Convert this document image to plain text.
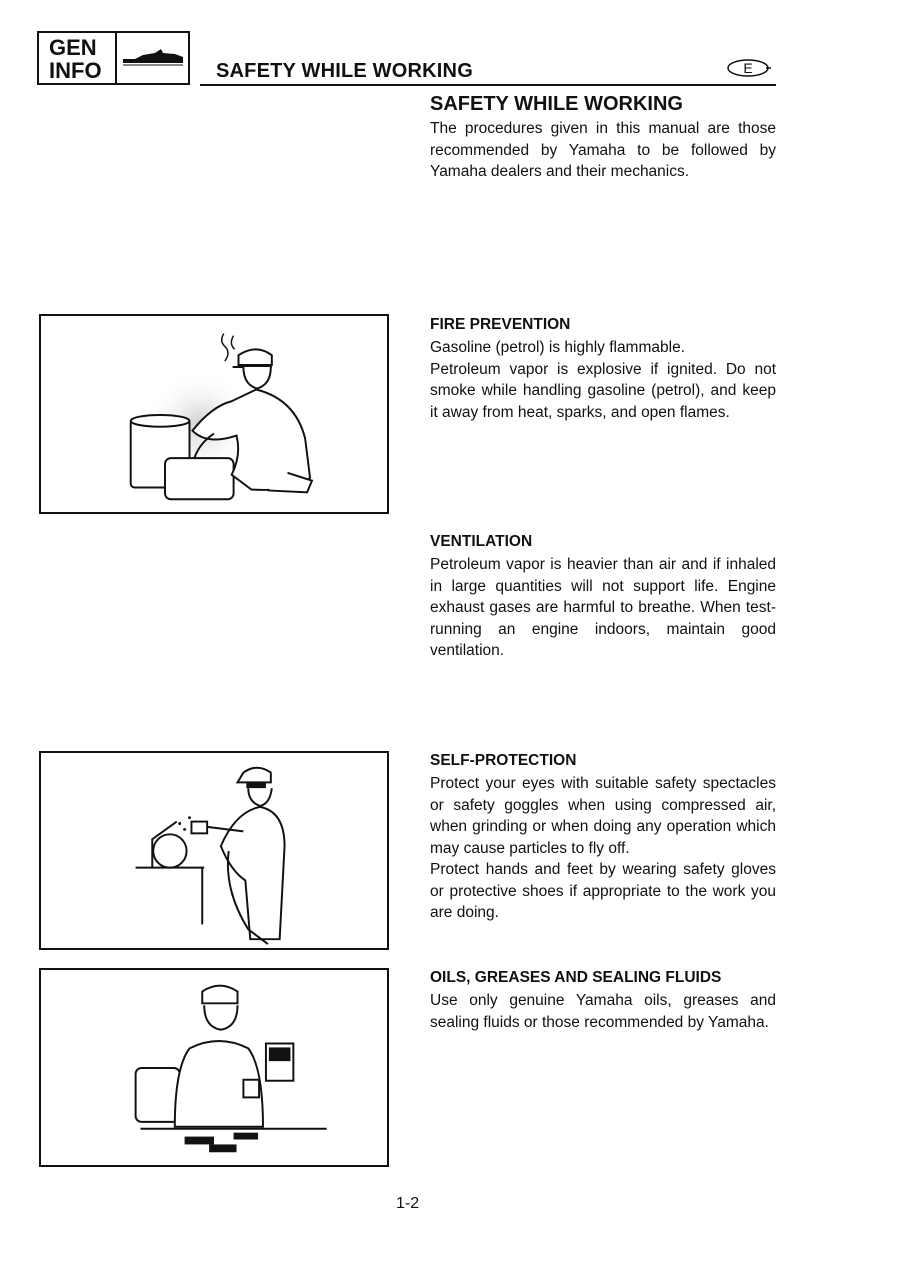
GEN
INFO	SAFETY WHILE WORKING	E
SAFETY WHILE WORKING

The procedures given in this manual are those recommended by Yamaha to be followed by Yamaha dealers and their mechanics.

FIRE PREVENTION

Gasoline (petrol) is highly flammable.

Petroleum vapor is explosive if ignited. Do not smoke while handling gasoline (petrol), and keep it away from heat, sparks, and open flames.

VENTILATION

Petroleum vapor is heavier than air and if inhaled in large quantities will not support life. Engine exhaust gases are harmful to breathe. When test-running an engine indoors, maintain good ventilation.

SELF-PROTECTION

Protect your eyes with suitable safety spectacles or safety goggles when using compressed air, when grinding or when doing any operation which may cause particles to fly off.

Protect hands and feet by wearing safety gloves or protective shoes if appropriate to the work you are doing.

OILS, GREASES AND SEALING FLUIDS

Use only genuine Yamaha oils, greases and sealing fluids or those recommended by Yamaha.

1-2
